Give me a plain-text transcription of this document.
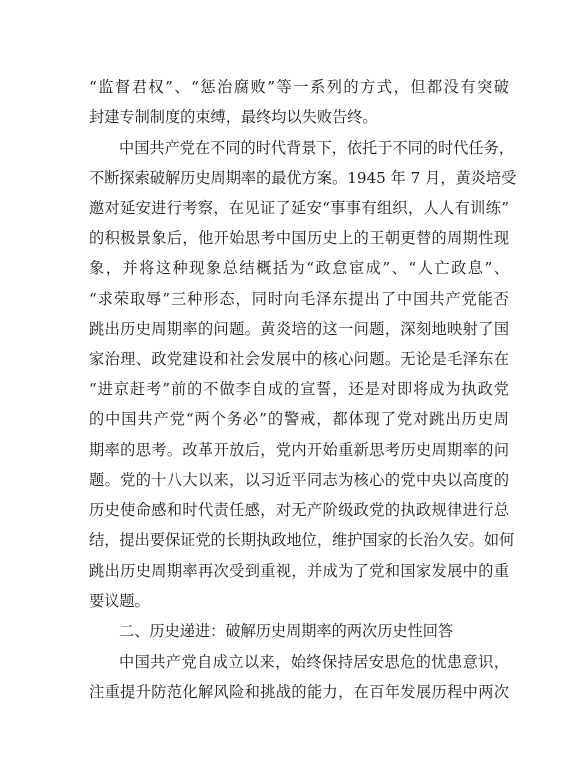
“监督君权”、“惩治腐败”等一系列的方式，但都没有突破
封建专制制度的束缚，最终均以失败告终。
中国共产党在不同的时代背景下，依托于不同的时代任务，
不断探索破解历史周期率的最优方案。1945 年 7 月，黄炎培受
邀对延安进行考察，在见证了延安“事事有组织，人人有训练”
的积极景象后，他开始思考中国历史上的王朝更替的周期性现
象，并将这种现象总结概括为“政怠宦成”、“人亡政息”、
“求荣取辱”三种形态，同时向毛泽东提出了中国共产党能否
跳出历史周期率的问题。黄炎培的这一问题，深刻地映射了国
家治理、政党建设和社会发展中的核心问题。无论是毛泽东在
“进京赶考”前的不做李自成的宣誓，还是对即将成为执政党
的中国共产党“两个务必”的警戒，都体现了党对跳出历史周
期率的思考。改革开放后，党内开始重新思考历史周期率的问
题。党的十八大以来，以习近平同志为核心的党中央以高度的
历史使命感和时代责任感，对无产阶级政党的执政规律进行总
结，提出要保证党的长期执政地位，维护国家的长治久安。如何
跳出历史周期率再次受到重视，并成为了党和国家发展中的重
要议题。
二、历史递进：破解历史周期率的两次历史性回答
中国共产党自成立以来，始终保持居安思危的忧患意识，
注重提升防范化解风险和挑战的能力，在百年发展历程中两次
